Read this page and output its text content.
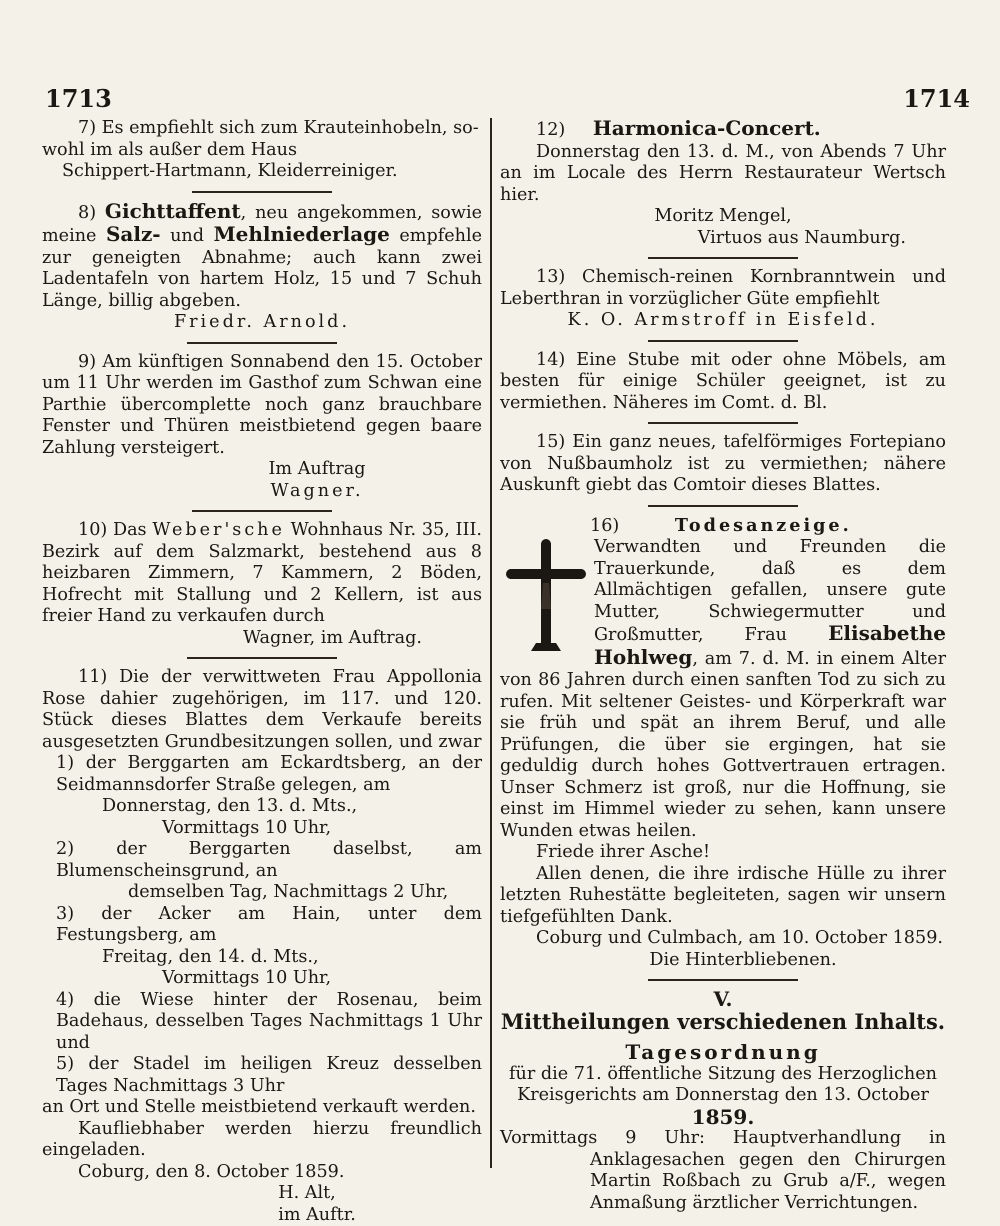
1713	1714

7) Es empfiehlt sich zum Krauteinhobeln, so-

wohl im als außer dem Haus

Schippert-Hartmann, Kleiderreiniger.

8) Gichttaffent, neu angekommen, sowie meine Salz- und Mehlniederlage empfehle zur geneigten Abnahme; auch kann zwei Ladentafeln von hartem Holz, 15 und 7 Schuh Länge, billig abgeben.

Friedr. Arnold.

9) Am künftigen Sonnabend den 15. October um 11 Uhr werden im Gasthof zum Schwan eine Parthie übercomplette noch ganz brauchbare Fenster und Thüren meistbietend gegen baare Zahlung versteigert.

Im Auftrag

Wagner.

10) Das Weber'sche Wohnhaus Nr. 35, III. Bezirk auf dem Salzmarkt, bestehend aus 8 heizbaren Zimmern, 7 Kammern, 2 Böden, Hofrecht mit Stallung und 2 Kellern, ist aus freier Hand zu verkaufen durch

Wagner, im Auftrag.

11) Die der verwittweten Frau Appollonia Rose dahier zugehörigen, im 117. und 120. Stück dieses Blattes dem Verkaufe bereits ausgesetzten Grundbesitzungen sollen, und zwar

1) der Berggarten am Eckardtsberg, an der Seidmannsdorfer Straße gelegen, am

Donnerstag, den 13. d. Mts.,

Vormittags 10 Uhr,

2) der Berggarten daselbst, am Blumenscheinsgrund, an

demselben Tag, Nachmittags 2 Uhr,

3) der Acker am Hain, unter dem Festungsberg, am

Freitag, den 14. d. Mts.,

Vormittags 10 Uhr,

4) die Wiese hinter der Rosenau, beim Badehaus, desselben Tages Nachmittags 1 Uhr und

5) der Stadel im heiligen Kreuz desselben Tages Nachmittags 3 Uhr

an Ort und Stelle meistbietend verkauft werden.

Kaufliebhaber werden hierzu freundlich eingeladen.

Coburg, den 8. October 1859.

H. Alt,

im Auftr.

12) Harmonica-Concert.

Donnerstag den 13. d. M., von Abends 7 Uhr an im Locale des Herrn Restaurateur Wertsch hier.

Moritz Mengel,

Virtuos aus Naumburg.

13) Chemisch-reinen Kornbranntwein und Leberthran in vorzüglicher Güte empfiehlt

K. O. Armstroff in Eisfeld.

14) Eine Stube mit oder ohne Möbels, am besten für einige Schüler geeignet, ist zu vermiethen. Näheres im Comt. d. Bl.

15) Ein ganz neues, tafelförmiges Fortepiano von Nußbaumholz ist zu vermiethen; nähere Auskunft giebt das Comtoir dieses Blattes.

16)	Todesanzeige.

Verwandten und Freunden die Trauerkunde, daß es dem Allmächtigen gefallen, unsere gute Mutter, Schwiegermutter und Großmutter, Frau Elisabethe Hohlweg, am 7. d. M. in einem Alter von 86 Jahren durch einen sanften Tod zu sich zu rufen. Mit seltener Geistes- und Körperkraft war sie früh und spät an ihrem Beruf, und alle Prüfungen, die über sie ergingen, hat sie geduldig durch hohes Gottvertrauen ertragen. Unser Schmerz ist groß, nur die Hoffnung, sie einst im Himmel wieder zu sehen, kann unsere Wunden etwas heilen.

Friede ihrer Asche!

Allen denen, die ihre irdische Hülle zu ihrer letzten Ruhestätte begleiteten, sagen wir unsern tiefgefühlten Dank.

Coburg und Culmbach, am 10. October 1859.

Die Hinterbliebenen.

V.

Mittheilungen verschiedenen Inhalts.

Tagesordnung

für die 71. öffentliche Sitzung des Herzoglichen Kreisgerichts am Donnerstag den 13. October

1859.

Vormittags 9 Uhr: Hauptverhandlung in Anklagesachen gegen den Chirurgen Martin Roßbach zu Grub a/F., wegen Anmaßung ärztlicher Verrichtungen.
